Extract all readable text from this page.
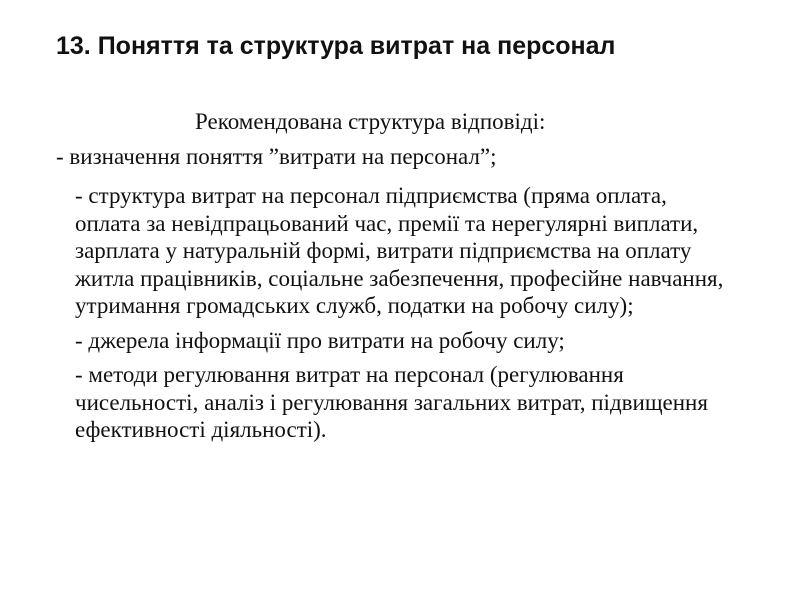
13. Поняття та структура витрат на персонал

Рекомендована структура відповіді:

- визначення поняття ”витрати на персонал”;

- структура витрат на персонал підприємства (пряма оплата, оплата за невідпрацьований час, премії та нерегулярні виплати, зарплата у натуральній формі, витрати підприємства на оплату житла працівників, соціальне забезпечення, професійне навчання, утримання громадських служб, податки на робочу силу);

- джерела інформації про витрати на робочу силу;

- методи регулювання витрат на персонал (регулювання чисельності, аналіз і регулювання загальних витрат, підвищення ефективності діяльності).
